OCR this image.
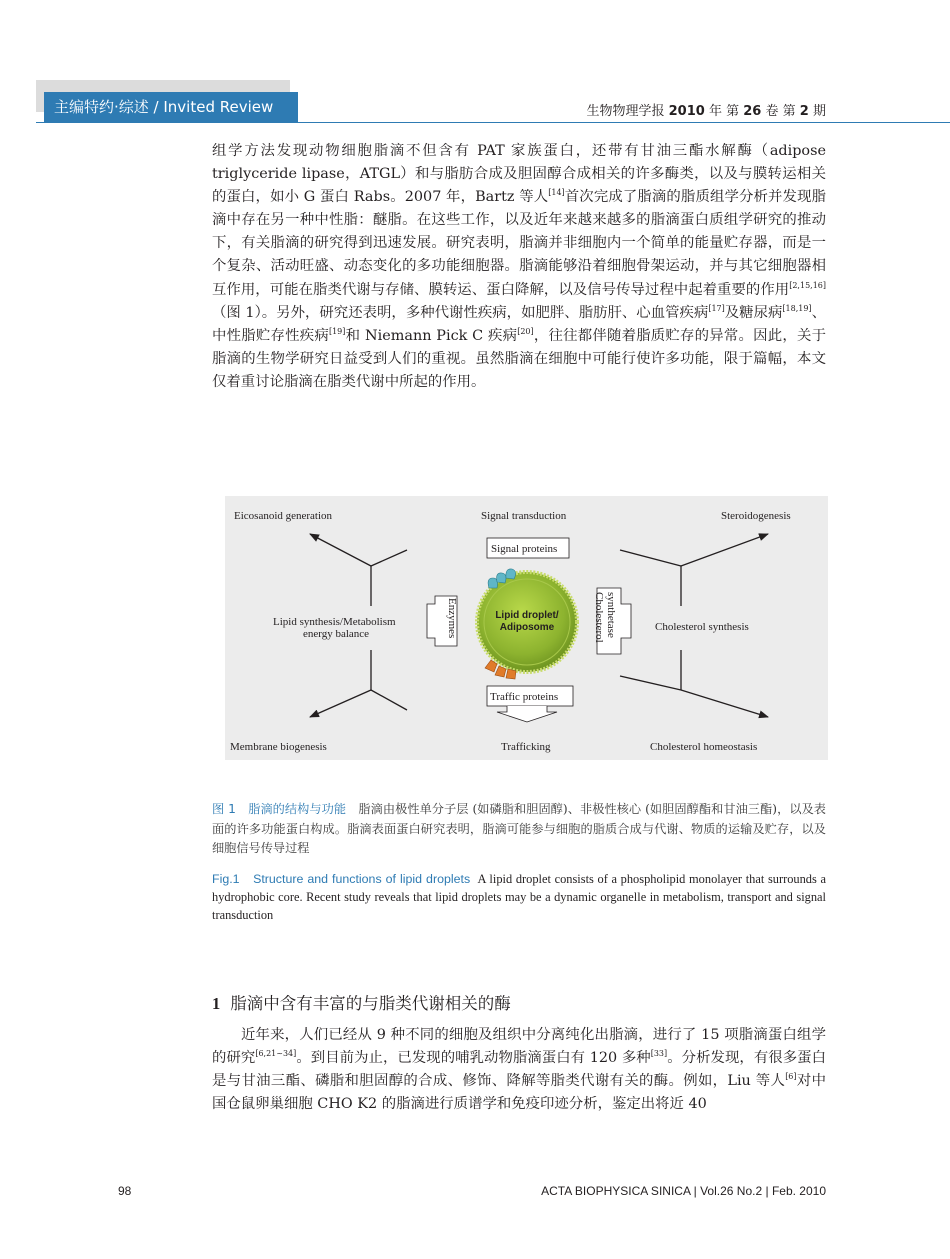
主编特约·综述 / Invited Review	生物物理学报 2010 年 第 26 卷 第 2 期

组学方法发现动物细胞脂滴不但含有 PAT 家族蛋白，还带有甘油三酯水解酶（adipose triglyceride lipase，ATGL）和与脂肪合成及胆固醇合成相关的许多酶类，以及与膜转运相关的蛋白，如小 G 蛋白 Rabs。2007 年，Bartz 等人[14]首次完成了脂滴的脂质组学分析并发现脂滴中存在另一种中性脂：醚脂。在这些工作，以及近年来越来越多的脂滴蛋白质组学研究的推动下，有关脂滴的研究得到迅速发展。研究表明，脂滴并非细胞内一个简单的能量贮存器，而是一个复杂、活动旺盛、动态变化的多功能细胞器。脂滴能够沿着细胞骨架运动，并与其它细胞器相互作用，可能在脂类代谢与存储、膜转运、蛋白降解，以及信号传导过程中起着重要的作用[2,15,16]（图 1）。另外，研究还表明，多种代谢性疾病，如肥胖、脂肪肝、心血管疾病[17]及糖尿病[18,19]、中性脂贮存性疾病[19]和 Niemann Pick C 疾病[20]，往往都伴随着脂质贮存的异常。因此，关于脂滴的生物学研究日益受到人们的重视。虽然脂滴在细胞中可能行使许多功能，限于篇幅，本文仅着重讨论脂滴在脂类代谢中所起的作用。

Eicosanoid generation	Signal transduction	Steroidogenesis
Lipid synthesis/Metabolism
energy balance
Cholesterol synthesis
Signal proteins
Traffic proteins
Enzymes	Cholesterol synthetase
Lipid droplet/
Adiposome
Membrane biogenesis	Trafficking	Cholesterol homeostasis
图 1　脂滴的结构与功能　 脂滴由极性单分子层 (如磷脂和胆固醇)、非极性核心 (如胆固醇酯和甘油三酯)，以及表面的许多功能蛋白构成。脂滴表面蛋白研究表明，脂滴可能参与细胞的脂质合成与代谢、物质的运输及贮存，以及细胞信号传导过程
Fig.1　Structure and functions of lipid droplets A lipid droplet consists of a phospholipid monolayer that surrounds a hydrophobic core. Recent study reveals that lipid droplets may be a dynamic organelle in metabolism, transport and signal transduction
1 脂滴中含有丰富的与脂类代谢相关的酶

近年来，人们已经从 9 种不同的细胞及组织中分离纯化出脂滴，进行了 15 项脂滴蛋白组学的研究[6,21~34]。到目前为止，已发现的哺乳动物脂滴蛋白有 120 多种[33]。分析发现，有很多蛋白是与甘油三酯、磷脂和胆固醇的合成、修饰、降解等脂类代谢有关的酶。例如，Liu 等人[6]对中国仓鼠卵巢细胞 CHO K2 的脂滴进行质谱学和免疫印迹分析，鉴定出将近 40

98	ACTA BIOPHYSICA SINICA | Vol.26 No.2 | Feb. 2010
